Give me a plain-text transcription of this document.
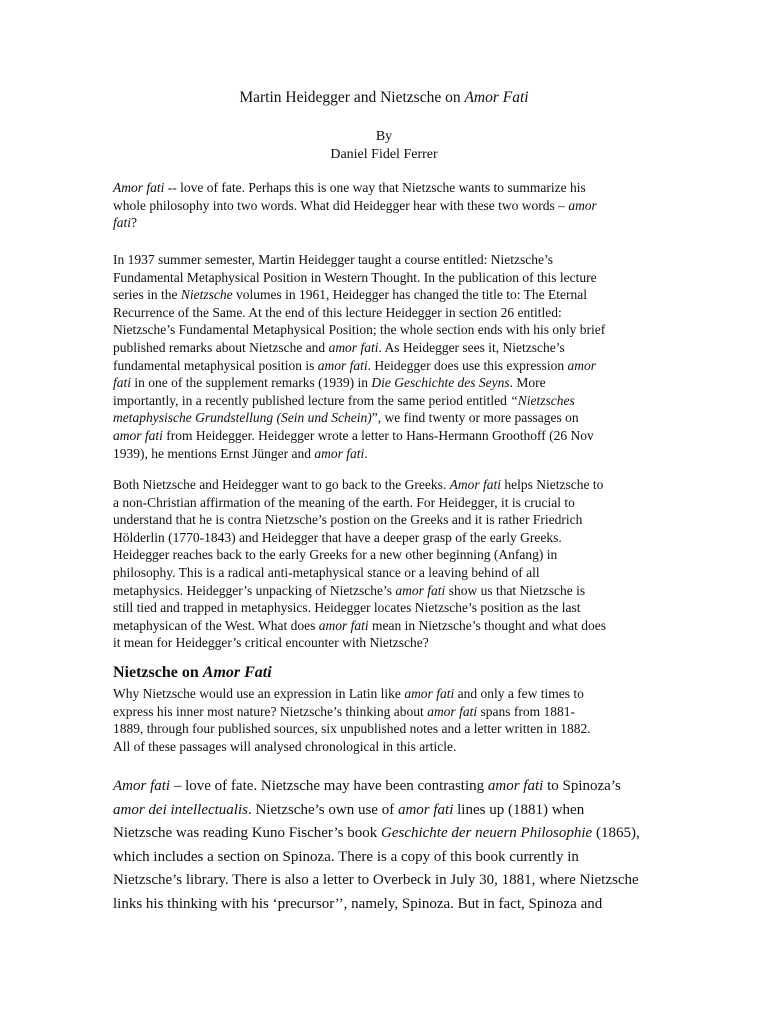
Martin Heidegger and Nietzsche on Amor Fati
By
Daniel Fidel Ferrer
Amor fati -- love of fate. Perhaps this is one way that Nietzsche wants to summarize his
whole philosophy into two words. What did Heidegger hear with these two words – amor
fati?
In 1937 summer semester, Martin Heidegger taught a course entitled: Nietzsche’s
Fundamental Metaphysical Position in Western Thought. In the publication of this lecture
series in the Nietzsche volumes in 1961, Heidegger has changed the title to: The Eternal
Recurrence of the Same. At the end of this lecture Heidegger in section 26 entitled:
Nietzsche’s Fundamental Metaphysical Position; the whole section ends with his only brief
published remarks about Nietzsche and amor fati. As Heidegger sees it, Nietzsche’s
fundamental metaphysical position is amor fati. Heidegger does use this expression amor
fati in one of the supplement remarks (1939) in Die Geschichte des Seyns. More
importantly, in a recently published lecture from the same period entitled “Nietzsches
metaphysische Grundstellung (Sein und Schein)”, we find twenty or more passages on
amor fati from Heidegger. Heidegger wrote a letter to Hans-Hermann Groothoff (26 Nov
1939), he mentions Ernst Jünger and amor fati.
Both Nietzsche and Heidegger want to go back to the Greeks. Amor fati helps Nietzsche to
a non-Christian affirmation of the meaning of the earth. For Heidegger, it is crucial to
understand that he is contra Nietzsche’s postion on the Greeks and it is rather Friedrich
Hölderlin (1770-1843) and Heidegger that have a deeper grasp of the early Greeks.
Heidegger reaches back to the early Greeks for a new other beginning (Anfang) in
philosophy. This is a radical anti-metaphysical stance or a leaving behind of all
metaphysics. Heidegger’s unpacking of Nietzsche’s amor fati show us that Nietzsche is
still tied and trapped in metaphysics. Heidegger locates Nietzsche’s position as the last
metaphysican of the West. What does amor fati mean in Nietzsche’s thought and what does
it mean for Heidegger’s critical encounter with Nietzsche?
Nietzsche on Amor Fati
Why Nietzsche would use an expression in Latin like amor fati and only a few times to
express his inner most nature? Nietzsche’s thinking about amor fati spans from 1881-
1889, through four published sources, six unpublished notes and a letter written in 1882.
All of these passages will analysed chronological in this article.
Amor fati – love of fate. Nietzsche may have been contrasting amor fati to Spinoza’s
amor dei intellectualis. Nietzsche’s own use of amor fati lines up (1881) when
Nietzsche was reading Kuno Fischer’s book Geschichte der neuern Philosophie (1865),
which includes a section on Spinoza. There is a copy of this book currently in
Nietzsche’s library. There is also a letter to Overbeck in July 30, 1881, where Nietzsche
links his thinking with his ‘precursor’’, namely, Spinoza. But in fact, Spinoza and
